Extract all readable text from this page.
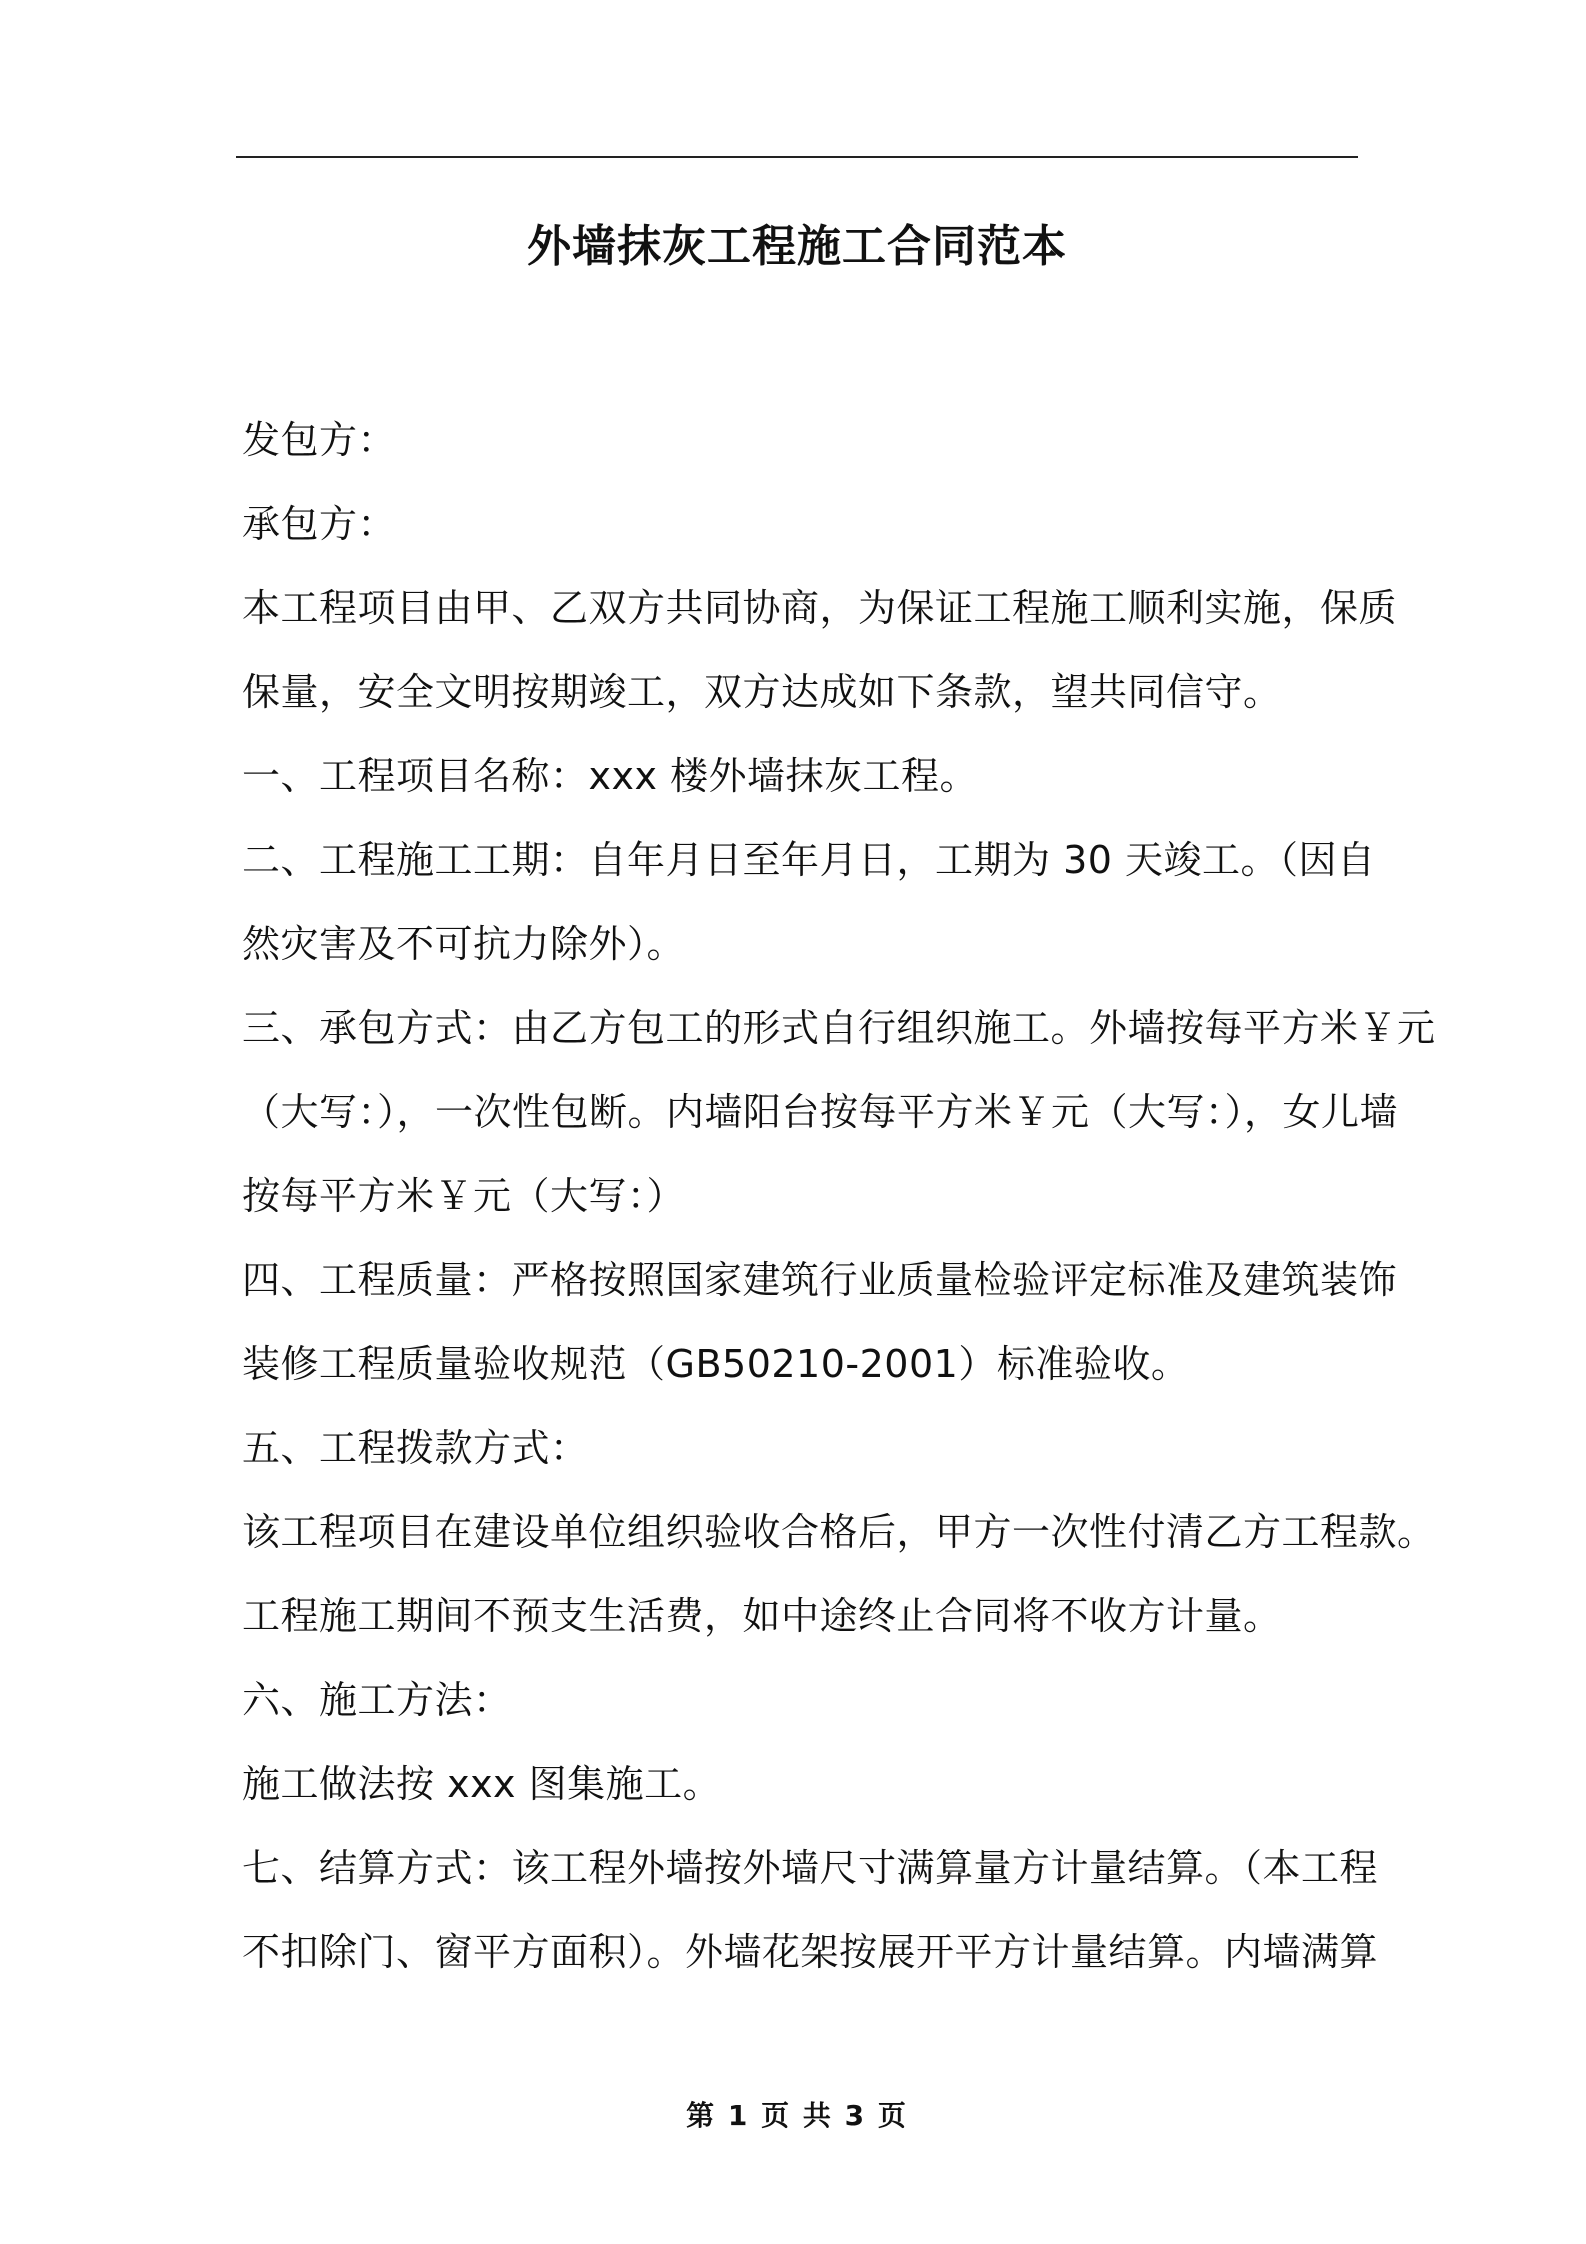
外墙抹灰工程施工合同范本
发包方：
承包方：
本工程项目由甲、乙双方共同协商，为保证工程施工顺利实施，保质
保量，安全文明按期竣工，双方达成如下条款，望共同信守。
一、工程项目名称：xxx 楼外墙抹灰工程。
二、工程施工工期：自年月日至年月日，工期为 30 天竣工。（因自
然灾害及不可抗力除外）。
三、承包方式：由乙方包工的形式自行组织施工。外墙按每平方米￥元
（大写：），一次性包断。内墙阳台按每平方米￥元（大写：），女儿墙
按每平方米￥元（大写：）
四、工程质量：严格按照国家建筑行业质量检验评定标准及建筑装饰
装修工程质量验收规范（GB50210-2001）标准验收。
五、工程拨款方式：
该工程项目在建设单位组织验收合格后，甲方一次性付清乙方工程款。
工程施工期间不预支生活费，如中途终止合同将不收方计量。
六、施工方法：
施工做法按 xxx 图集施工。
七、结算方式：该工程外墙按外墙尺寸满算量方计量结算。（本工程
不扣除门、窗平方面积）。外墙花架按展开平方计量结算。内墙满算
第 1 页 共 3 页
